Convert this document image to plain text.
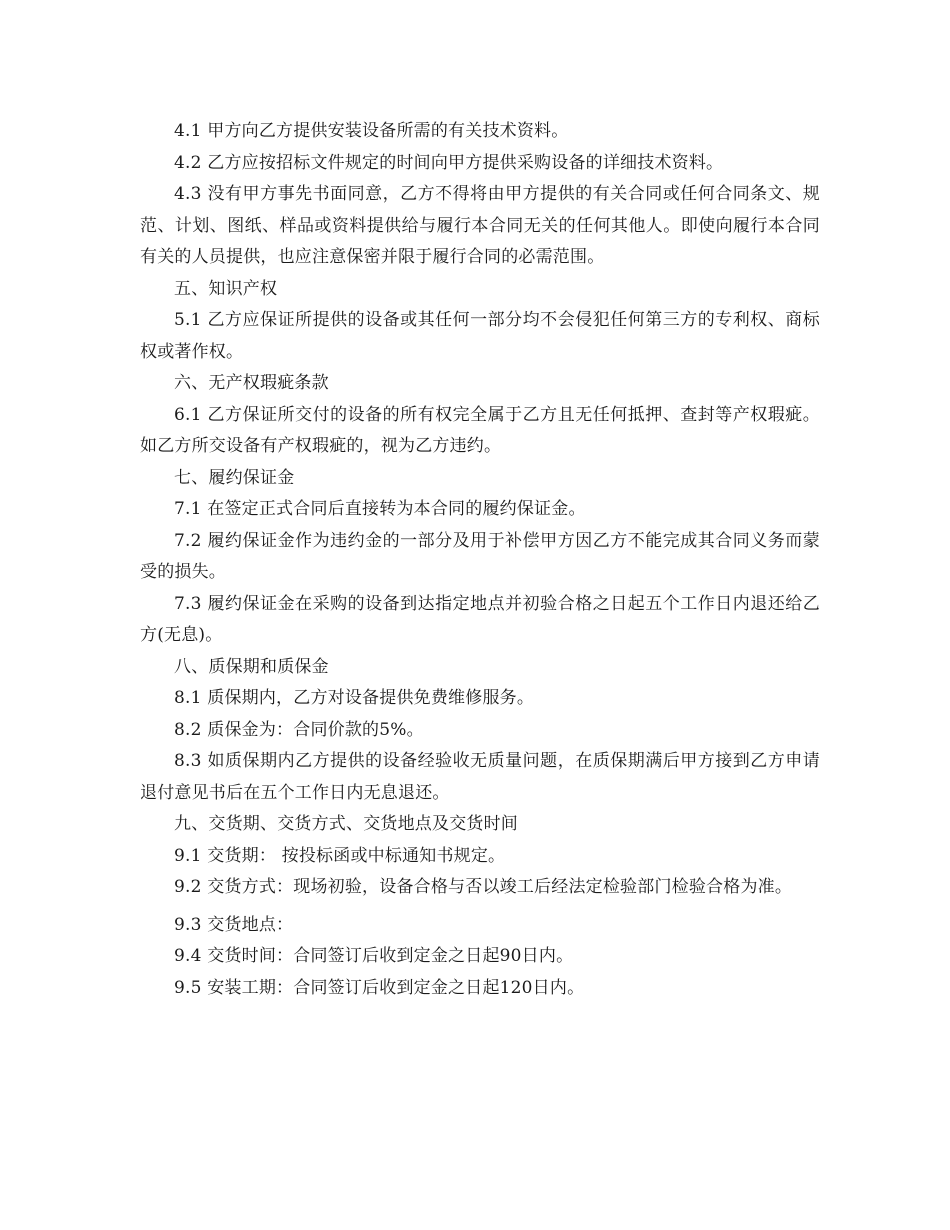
4.1 甲方向乙方提供安装设备所需的有关技术资料。

4.2 乙方应按招标文件规定的时间向甲方提供采购设备的详细技术资料。

4.3 没有甲方事先书面同意，乙方不得将由甲方提供的有关合同或任何合同条文、规范、计划、图纸、样品或资料提供给与履行本合同无关的任何其他人。即使向履行本合同有关的人员提供，也应注意保密并限于履行合同的必需范围。

五、知识产权

5.1 乙方应保证所提供的设备或其任何一部分均不会侵犯任何第三方的专利权、商标权或著作权。

六、无产权瑕疵条款

6.1 乙方保证所交付的设备的所有权完全属于乙方且无任何抵押、查封等产权瑕疵。如乙方所交设备有产权瑕疵的，视为乙方违约。

七、履约保证金

7.1 在签定正式合同后直接转为本合同的履约保证金。

7.2 履约保证金作为违约金的一部分及用于补偿甲方因乙方不能完成其合同义务而蒙受的损失。

7.3 履约保证金在采购的设备到达指定地点并初验合格之日起五个工作日内退还给乙方(无息)。

八、质保期和质保金

8.1 质保期内，乙方对设备提供免费维修服务。

8.2 质保金为：合同价款的5%。

8.3 如质保期内乙方提供的设备经验收无质量问题，在质保期满后甲方接到乙方申请退付意见书后在五个工作日内无息退还。

九、交货期、交货方式、交货地点及交货时间

9.1 交货期： 按投标函或中标通知书规定。

9.2 交货方式：现场初验，设备合格与否以竣工后经法定检验部门检验合格为准。

9.3 交货地点：

9.4 交货时间：合同签订后收到定金之日起90日内。

9.5 安装工期：合同签订后收到定金之日起120日内。
